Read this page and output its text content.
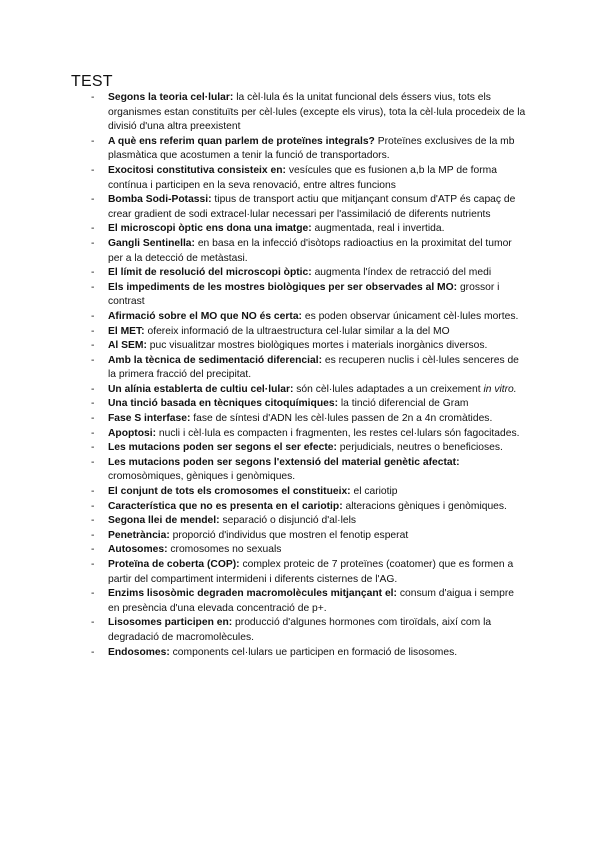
TEST
- Segons la teoria cel·lular: la cèl·lula és la unitat funcional dels éssers vius, tots els organismes estan constituïts per cèl·lules (excepte els virus), tota la cèl·lula procedeix de la divisió d'una altra preexistent
- A què ens referim quan parlem de proteïnes integrals? Proteïnes exclusives de la mb plasmàtica que acostumen a tenir la funció de transportadors.
- Exocitosi constitutiva consisteix en: vesícules que es fusionen a,b la MP de forma contínua i participen en la seva renovació, entre altres funcions
- Bomba Sodi-Potassi: tipus de transport actiu que mitjançant consum d'ATP és capaç de crear gradient de sodi extracel·lular necessari per l'assimilació de diferents nutrients
- El microscopi òptic ens dona una imatge: augmentada, real i invertida.
- Gangli Sentinella: en basa en la infecció d'isòtops radioactius en la proximitat del tumor per a la detecció de metàstasi.
- El límit de resolució del microscopi òptic: augmenta l'índex de retracció del medi
- Els impediments de les mostres biològiques per ser observades al MO: grossor i contrast
- Afirmació sobre el MO que NO és certa: es poden observar únicament cèl·lules mortes.
- El MET: ofereix informació de la ultraestructura cel·lular similar a la del MO
- Al SEM: puc visualitzar mostres biològiques mortes i materials inorgànics diversos.
- Amb la tècnica de sedimentació diferencial: es recuperen nuclis i cèl·lules senceres de la primera fracció del precipitat.
- Un alínia establerta de cultiu cel·lular: són cèl·lules adaptades a un creixement in vitro.
- Una tinció basada en tècniques citoquímiques: la tinció diferencial de Gram
- Fase S interfase: fase de síntesi d'ADN les cèl·lules passen de 2n a 4n cromàtides.
- Apoptosi: nucli i cèl·lula es compacten i fragmenten, les restes cel·lulars són fagocitades.
- Les mutacions poden ser segons el ser efecte: perjudicials, neutres o beneficioses.
- Les mutacions poden ser segons l'extensió del material genètic afectat: cromosòmiques, gèniques i genòmiques.
- El conjunt de tots els cromosomes el constitueix: el cariotip
- Característica que no es presenta en el cariotip: alteracions gèniques i genòmiques.
- Segona llei de mendel: separació o disjunció d'al·lels
- Penetrància: proporció d'individus que mostren el fenotip esperat
- Autosomes: cromosomes no sexuals
- Proteïna de coberta (COP): complex proteic de 7 proteïnes (coatomer) que es formen a partir del compartiment intermideni i diferents cisternes de l'AG.
- Enzims lisosòmic degraden macromolècules mitjançant el: consum d'aigua i sempre en presència d'una elevada concentració de p+.
- Lisosomes participen en: producció d'algunes hormones com tiroïdals, així com la degradació de macromolècules.
- Endosomes: components cel·lulars ue participen en formació de lisosomes.
